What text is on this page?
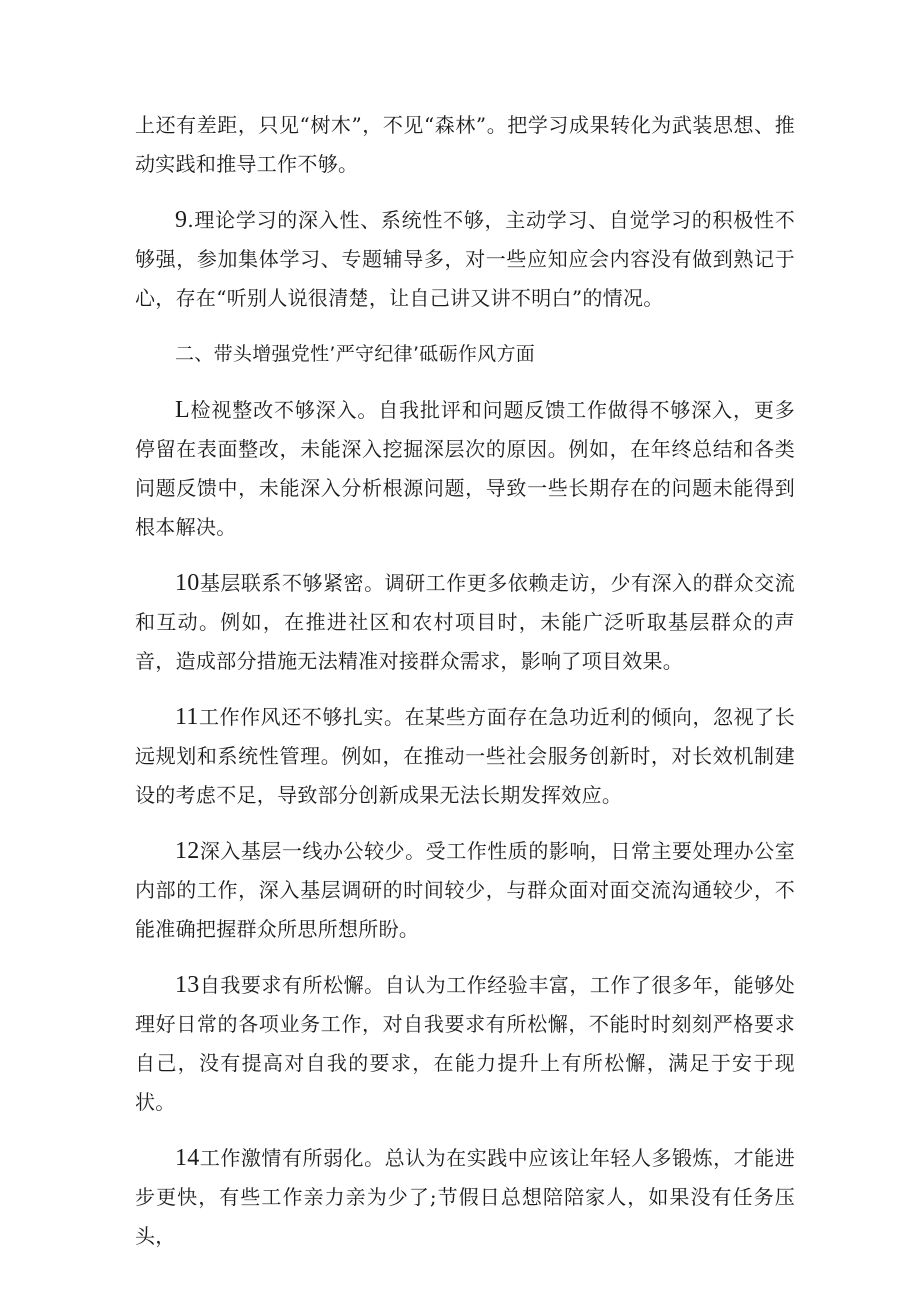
上还有差距，只见“树木”，不见“森林”。把学习成果转化为武装思想、推动实践和推导工作不够。

9.理论学习的深入性、系统性不够，主动学习、自觉学习的积极性不够强，参加集体学习、专题辅导多，对一些应知应会内容没有做到熟记于心，存在“听别人说很清楚，让自己讲又讲不明白”的情况。

二、带头增强党性’严守纪律’砥砺作风方面

L检视整改不够深入。自我批评和问题反馈工作做得不够深入，更多停留在表面整改，未能深入挖掘深层次的原因。例如，在年终总结和各类问题反馈中，未能深入分析根源问题，导致一些长期存在的问题未能得到根本解决。

10基层联系不够紧密。调研工作更多依赖走访，少有深入的群众交流和互动。例如，在推进社区和农村项目时，未能广泛听取基层群众的声音，造成部分措施无法精准对接群众需求，影响了项目效果。

11工作作风还不够扎实。在某些方面存在急功近利的倾向，忽视了长远规划和系统性管理。例如，在推动一些社会服务创新时，对长效机制建设的考虑不足，导致部分创新成果无法长期发挥效应。

12深入基层一线办公较少。受工作性质的影响，日常主要处理办公室内部的工作，深入基层调研的时间较少，与群众面对面交流沟通较少，不能准确把握群众所思所想所盼。

13自我要求有所松懈。自认为工作经验丰富，工作了很多年，能够处理好日常的各项业务工作，对自我要求有所松懈，不能时时刻刻严格要求自己，没有提高对自我的要求，在能力提升上有所松懈，满足于安于现状。

14工作激情有所弱化。总认为在实践中应该让年轻人多锻炼，才能进步更快，有些工作亲力亲为少了;节假日总想陪陪家人，如果没有任务压头，
